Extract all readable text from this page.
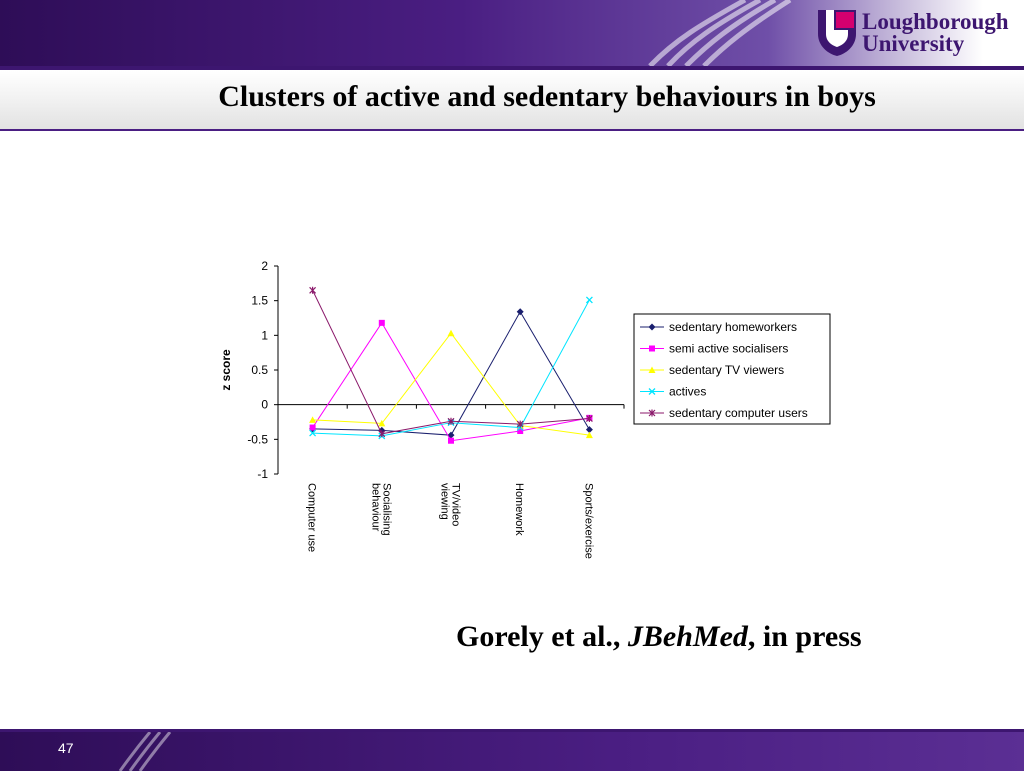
Loughborough
University
Clusters of active and sedentary behaviours in boys
2
1.5
1
0.5
0
-0.5
-1
z score
Computer use	Socialising
behaviour	TV/video
viewing	Homework	Sports/exercise
sedentary homeworkers
semi active socialisers
sedentary TV viewers
actives
sedentary computer users
Gorely et al., JBehMed, in press
47
